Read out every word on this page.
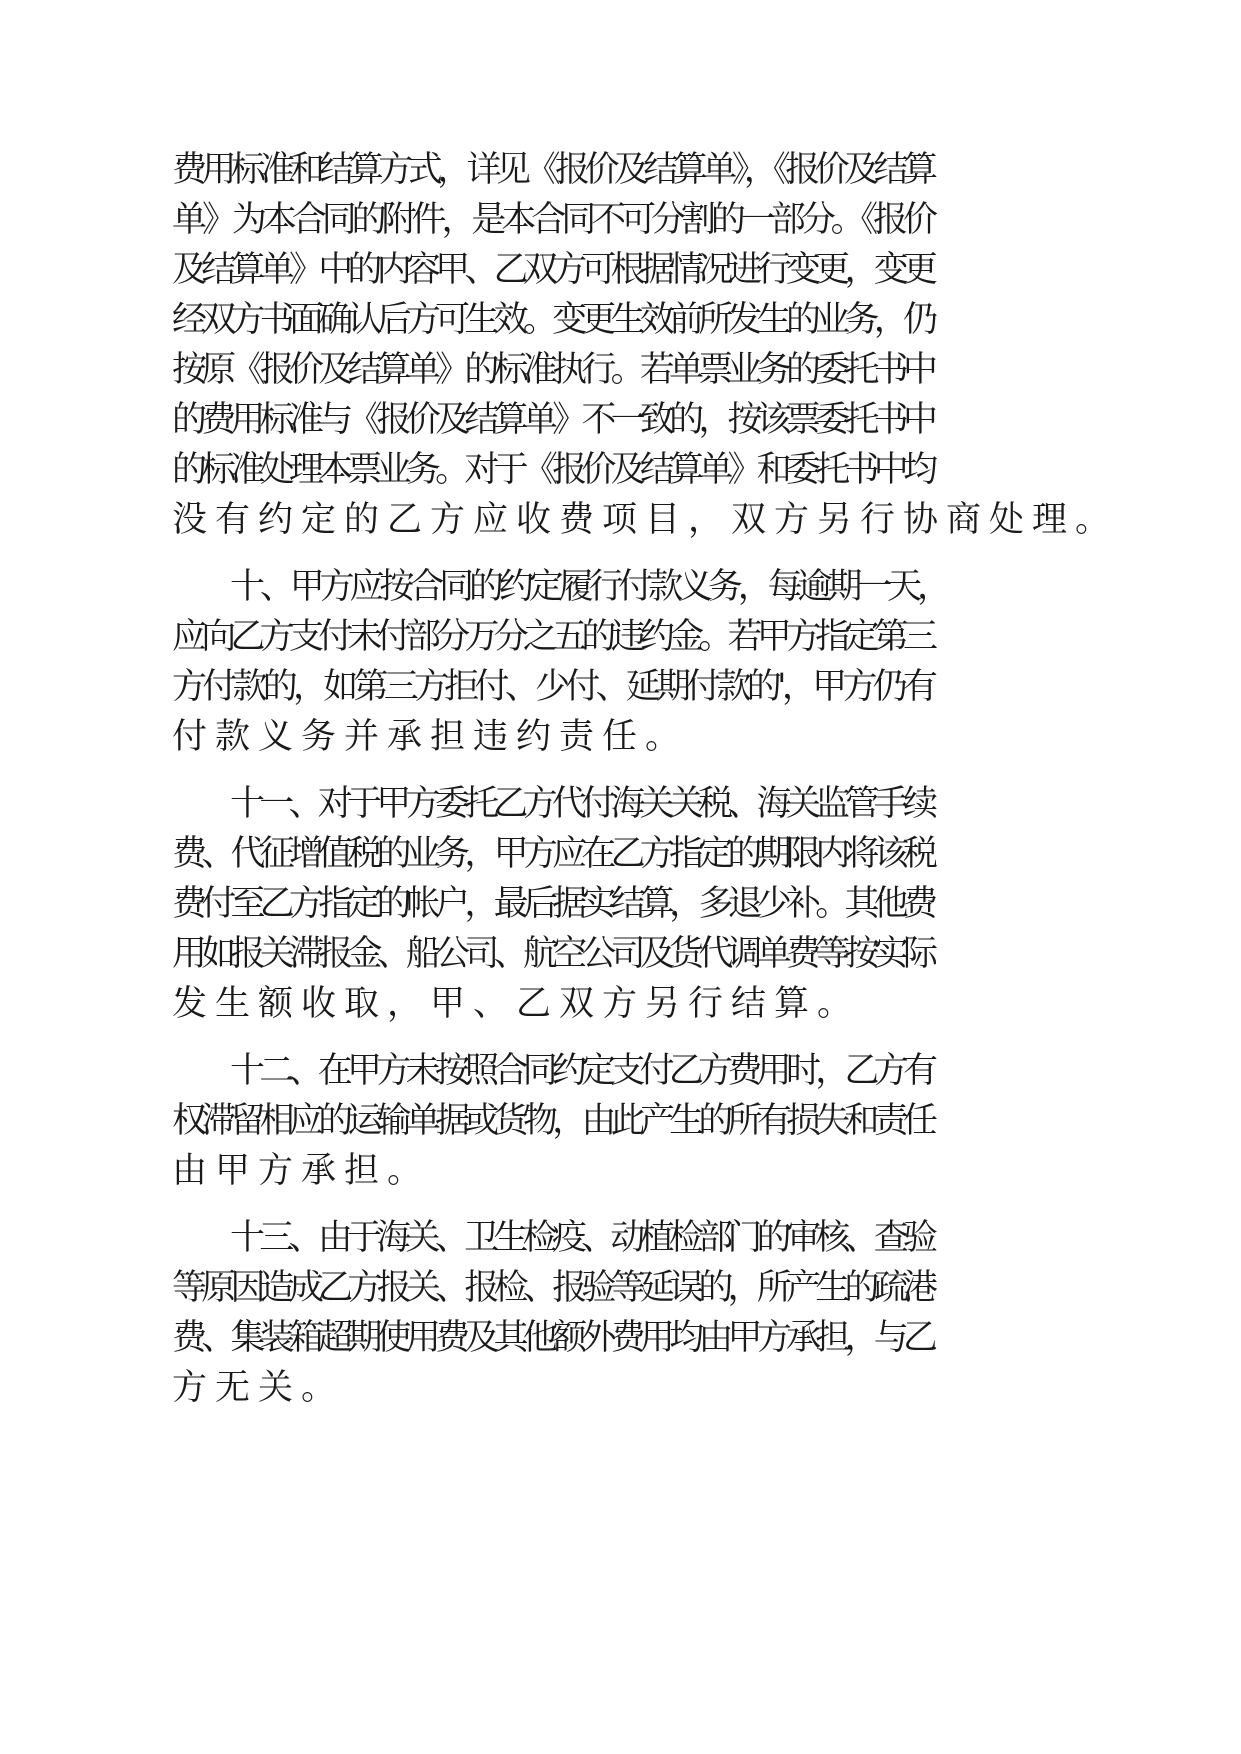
费用标准和结算方式，详见《报价及结算单》，《报价及结算
单》为本合同的附件，是本合同不可分割的一部分。《报价
及结算单》中的内容甲、乙双方可根据情况进行变更，变更
经双方书面确认后方可生效。变更生效前所发生的业务，仍
按原《报价及结算单》的标准执行。若单票业务的委托书中
的费用标准与《报价及结算单》不一致的，按该票委托书中
的标准处理本票业务。对于《报价及结算单》和委托书中均
没有约定的乙方应收费项目，双方另行协商处理。
十、甲方应按合同的约定履行付款义务，每逾期一天，
应向乙方支付未付部分万分之五的违约金。若甲方指定第三
方付款的，如第三方拒付、少付、延期付款的'，甲方仍有
付款义务并承担违约责任。
十一、对于甲方委托乙方代付海关关税、海关监管手续
费、代征增值税的业务，甲方应在乙方指定的期限内将该税
费付至乙方指定的帐户，最后据实结算，多退少补。其他费
用如报关滞报金、船公司、航空公司及货代调单费等按实际
发生额收取，甲、乙双方另行结算。
十二、在甲方未按照合同约定支付乙方费用时，乙方有
权滞留相应的运输单据或货物，由此产生的所有损失和责任
由甲方承担。
十三、由于海关、卫生检疫、动植检部门的审核、查验
等原因造成乙方报关、报检、报验等延误的，所产生的疏港
费、集装箱超期使用费及其他额外费用均由甲方承担，与乙
方无关。
